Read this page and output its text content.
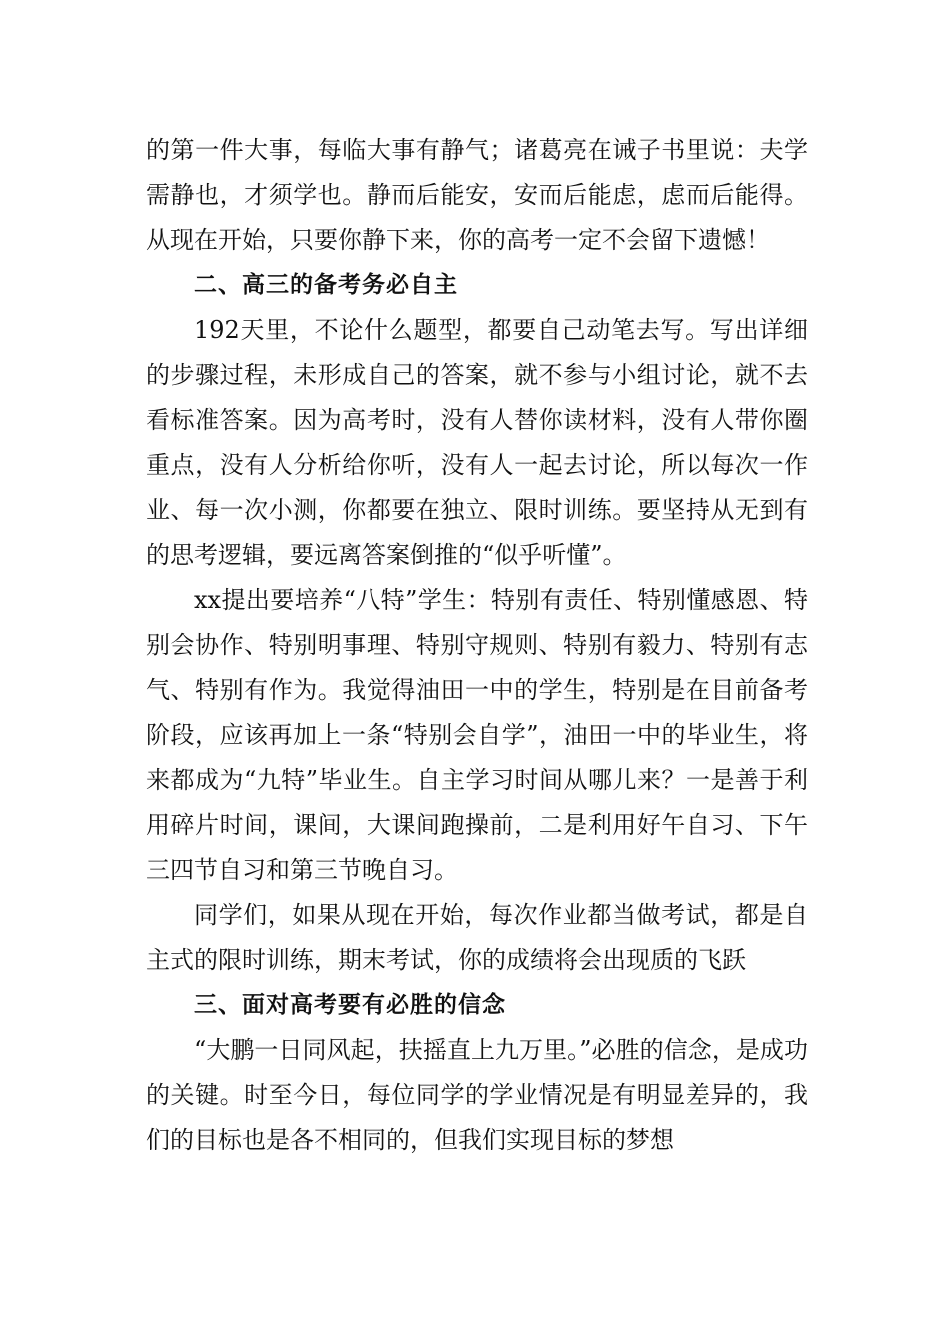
的第一件大事，每临大事有静气；诸葛亮在诫子书里说：夫学需静也，才须学也。静而后能安，安而后能虑，虑而后能得。从现在开始，只要你静下来，你的高考一定不会留下遗憾！

二、高三的备考务必自主

192天里，不论什么题型，都要自己动笔去写。写出详细的步骤过程，未形成自己的答案，就不参与小组讨论，就不去看标准答案。因为高考时，没有人替你读材料，没有人带你圈重点，没有人分析给你听，没有人一起去讨论，所以每次一作业、每一次小测，你都要在独立、限时训练。要坚持从无到有的思考逻辑，要远离答案倒推的“似乎听懂”。

xx提出要培养“八特”学生：特别有责任、特别懂感恩、特别会协作、特别明事理、特别守规则、特别有毅力、特别有志气、特别有作为。我觉得油田一中的学生，特别是在目前备考阶段，应该再加上一条“特别会自学”，油田一中的毕业生，将来都成为“九特”毕业生。自主学习时间从哪儿来？一是善于利用碎片时间，课间，大课间跑操前，二是利用好午自习、下午三四节自习和第三节晚自习。

同学们，如果从现在开始，每次作业都当做考试，都是自主式的限时训练，期末考试，你的成绩将会出现质的飞跃

三、面对高考要有必胜的信念

“大鹏一日同风起，扶摇直上九万里。”必胜的信念，是成功的关键。时至今日，每位同学的学业情况是有明显差异的，我们的目标也是各不相同的，但我们实现目标的梦想
